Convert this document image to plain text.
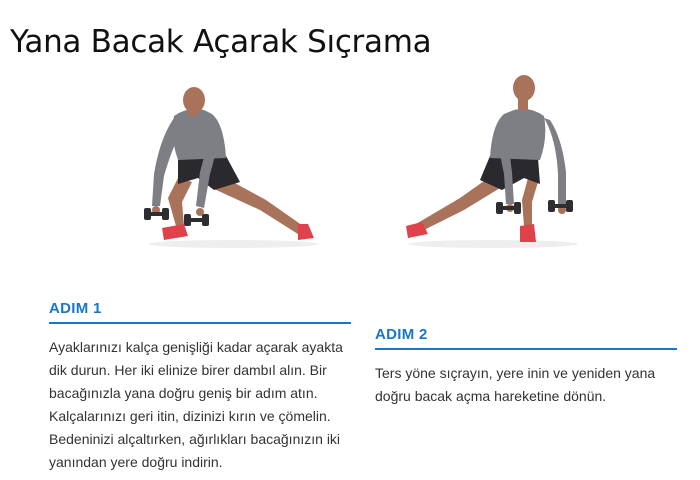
Yana Bacak Açarak Sıçrama
ADIM 1

Ayaklarınızı kalça genişliği kadar açarak ayakta dik durun. Her iki elinize birer dambıl alın. Bir bacağınızla yana doğru geniş bir adım atın. Kalçalarınızı geri itin, dizinizi kırın ve çömelin. Bedeninizi alçaltırken, ağırlıkları bacağınızın iki yanından yere doğru indirin.

ADIM 2

Ters yöne sıçrayın, yere inin ve yeniden yana doğru bacak açma hareketine dönün.
